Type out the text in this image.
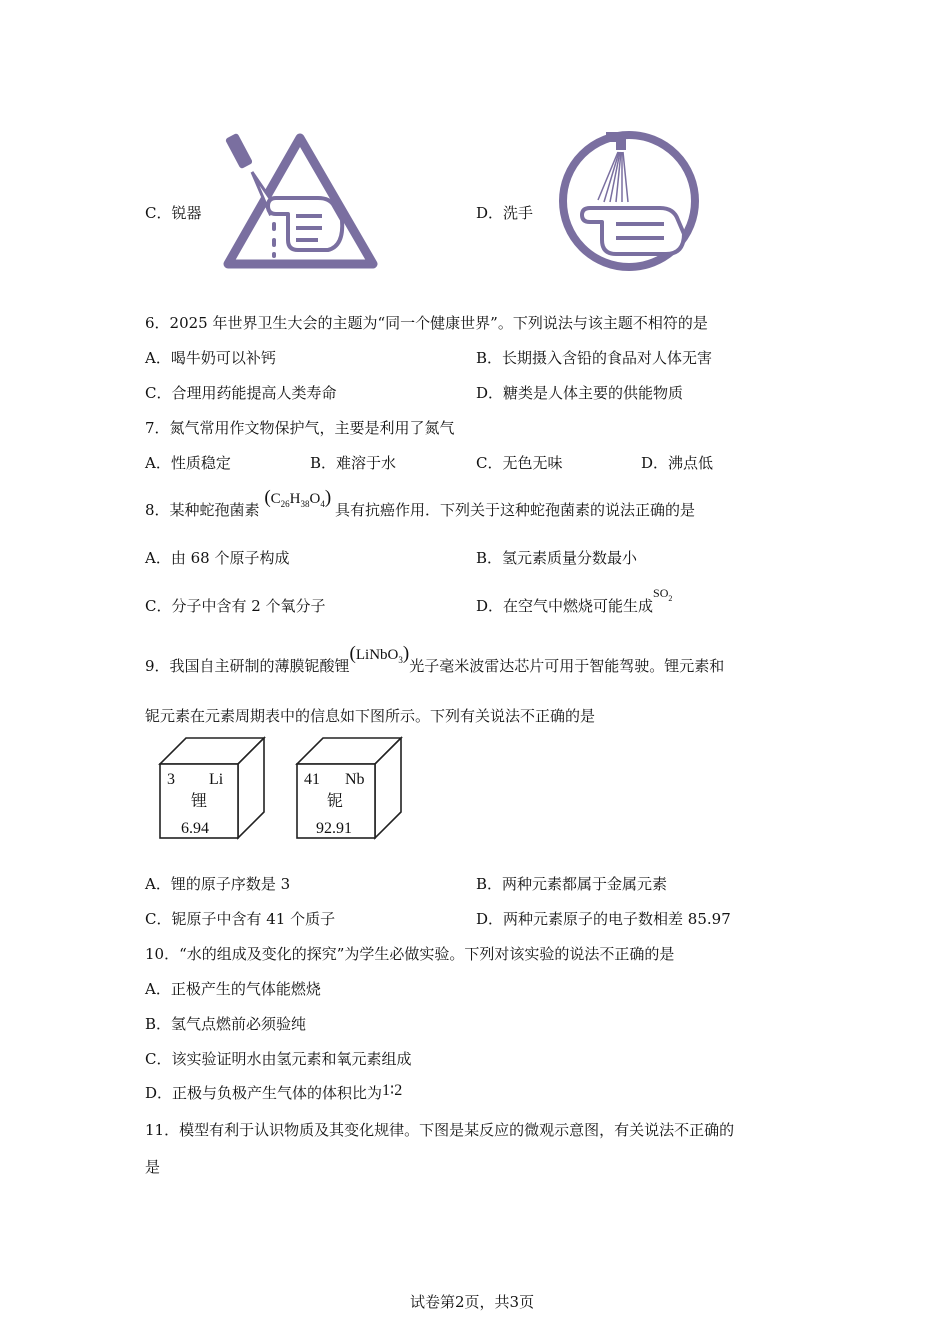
C．锐器	D．洗手
6．2025 年世界卫生大会的主题为“同一个健康世界”。下列说法与该主题不相符的是
A．喝牛奶可以补钙	B．长期摄入含铅的食品对人体无害
C．合理用药能提高人类寿命	D．糖类是人体主要的供能物质
7．氮气常用作文物保护气，主要是利用了氮气
A．性质稳定	B．难溶于水	C．无色无味	D．沸点低
8．某种蛇孢菌素 $(C_{26}H_{38}O_4)$ 具有抗癌作用．下列关于这种蛇孢菌素的说法正确的是
A．由 68 个原子构成	B．氢元素质量分数最小
C．分子中含有 2 个氧分子	D．在空气中燃烧可能生成$^{SO_2}$
9．我国自主研制的薄膜铌酸锂(LiNbO$_3$)光子毫米波雷达芯片可用于智能驾驶。锂元素和
铌元素在元素周期表中的信息如下图所示。下列有关说法不正确的是
3 Li
锂
6.94
41 Nb
铌
92.91
A．锂的原子序数是 3	B．两种元素都属于金属元素
C．铌原子中含有 41 个质子	D．两种元素原子的电子数相差 85.97
10．“水的组成及变化的探究”为学生必做实验。下列对该实验的说法不正确的是
A．正极产生的气体能燃烧
B．氢气点燃前必须验纯
C．该实验证明水由氢元素和氧元素组成
D．正极与负极产生气体的体积比为1∶2
11．模型有利于认识物质及其变化规律。下图是某反应的微观示意图，有关说法不正确的
是
试卷第2页，共3页
